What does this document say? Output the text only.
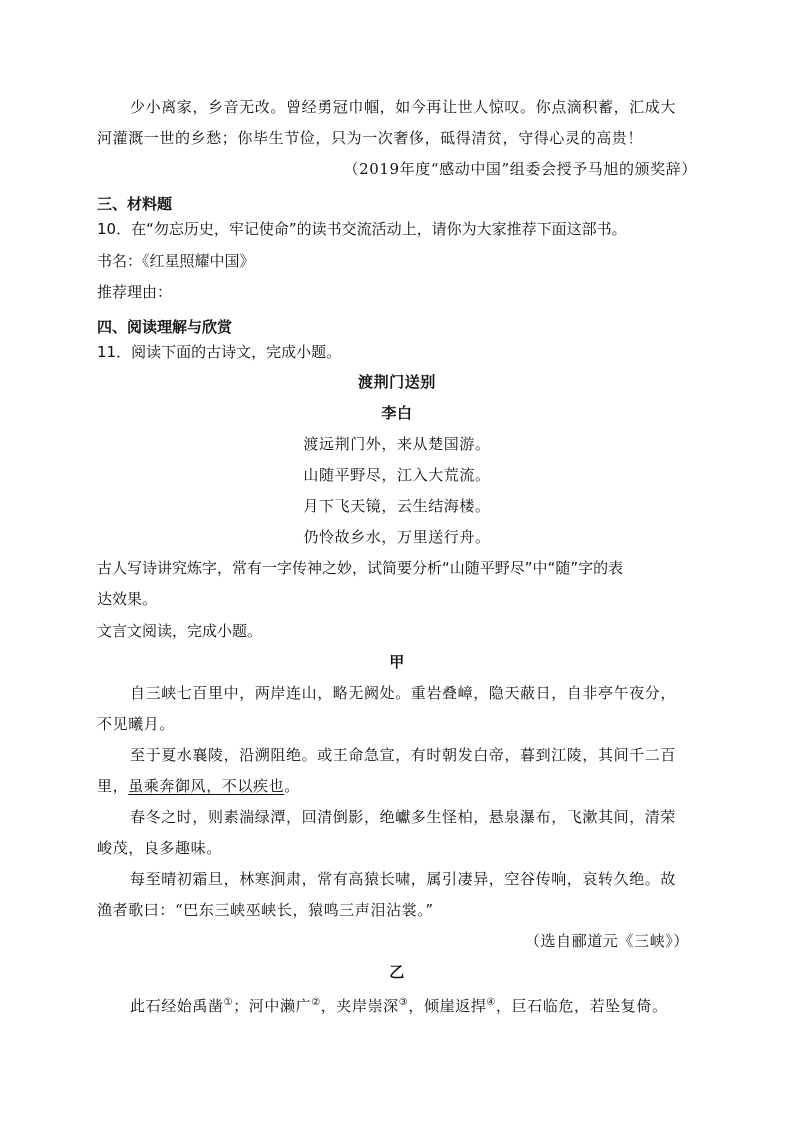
少小离家，乡音无改。曾经勇冠巾帼，如今再让世人惊叹。你点滴积蓄，汇成大
河灌溉一世的乡愁；你毕生节俭，只为一次奢侈，砥得清贫，守得心灵的高贵！
（2019年度“感动中国”组委会授予马旭的颁奖辞）
三、材料题
10．在“勿忘历史，牢记使命”的读书交流活动上，请你为大家推荐下面这部书。
书名：《红星照耀中国》
推荐理由：
四、阅读理解与欣赏
11．阅读下面的古诗文，完成小题。
渡荆门送别
李白
渡远荆门外，来从楚国游。
山随平野尽，江入大荒流。
月下飞天镜，云生结海楼。
仍怜故乡水，万里送行舟。
古人写诗讲究炼字，常有一字传神之妙，试简要分析“山随平野尽”中“随”字的表
达效果。
文言文阅读，完成小题。
甲
自三峡七百里中，两岸连山，略无阙处。重岩叠嶂，隐天蔽日，自非亭午夜分，
不见曦月。
至于夏水襄陵，沿溯阻绝。或王命急宣，有时朝发白帝，暮到江陵，其间千二百
里，虽乘奔御风，不以疾也。
春冬之时，则素湍绿潭，回清倒影，绝巘多生怪柏，悬泉瀑布，飞漱其间，清荣
峻茂，良多趣味。
每至晴初霜旦，林寒涧肃，常有高猿长啸，属引凄异，空谷传响，哀转久绝。故
渔者歌曰：“巴东三峡巫峡长，猿鸣三声泪沾裳。”
（选自郦道元《三峡》）
乙
此石经始禹凿①；河中濑广②，夹岸崇深③，倾崖返捍④，巨石临危，若坠复倚。
